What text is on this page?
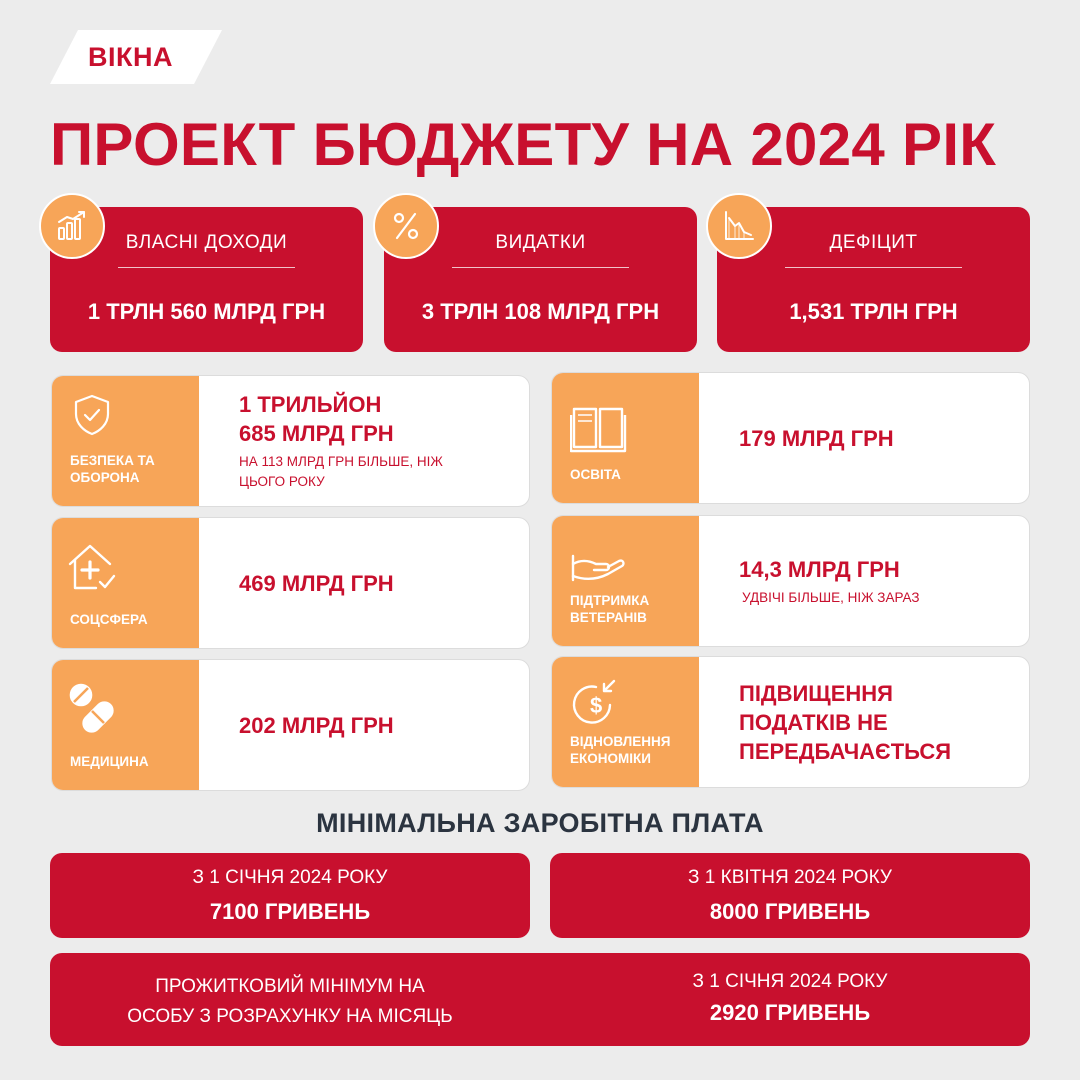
ВІКНА
ПРОЕКТ БЮДЖЕТУ НА 2024 РІК
ВЛАСНІ ДОХОДИ
1 ТРЛН 560 МЛРД ГРН
ВИДАТКИ
3 ТРЛН 108 МЛРД ГРН
ДЕФІЦИТ
1,531 ТРЛН ГРН
БЕЗПЕКА ТА
ОБОРОНА
1 ТРИЛЬЙОН
685 МЛРД ГРН
НА 113 МЛРД ГРН БІЛЬШЕ, НІЖ ЦЬОГО РОКУ	ОСВІТА
179 МЛРД ГРН
СОЦСФЕРА
469 МЛРД ГРН
ПІДТРИМКА
ВЕТЕРАНІВ
14,3 МЛРД ГРН
УДВІЧІ БІЛЬШЕ, НІЖ ЗАРАЗ
МЕДИЦИНА
202 МЛРД ГРН
$
ВІДНОВЛЕННЯ
ЕКОНОМІКИ
ПІДВИЩЕННЯ
ПОДАТКІВ НЕ
ПЕРЕДБАЧАЄТЬСЯ
МІНІМАЛЬНА ЗАРОБІТНА ПЛАТА
З 1 СІЧНЯ 2024 РОКУ
7100 ГРИВЕНЬ
З 1 КВІТНЯ 2024 РОКУ
8000 ГРИВЕНЬ
ПРОЖИТКОВИЙ МІНІМУМ НА
ОСОБУ З РОЗРАХУНКУ НА МІСЯЦЬ
З 1 СІЧНЯ 2024 РОКУ
2920 ГРИВЕНЬ
